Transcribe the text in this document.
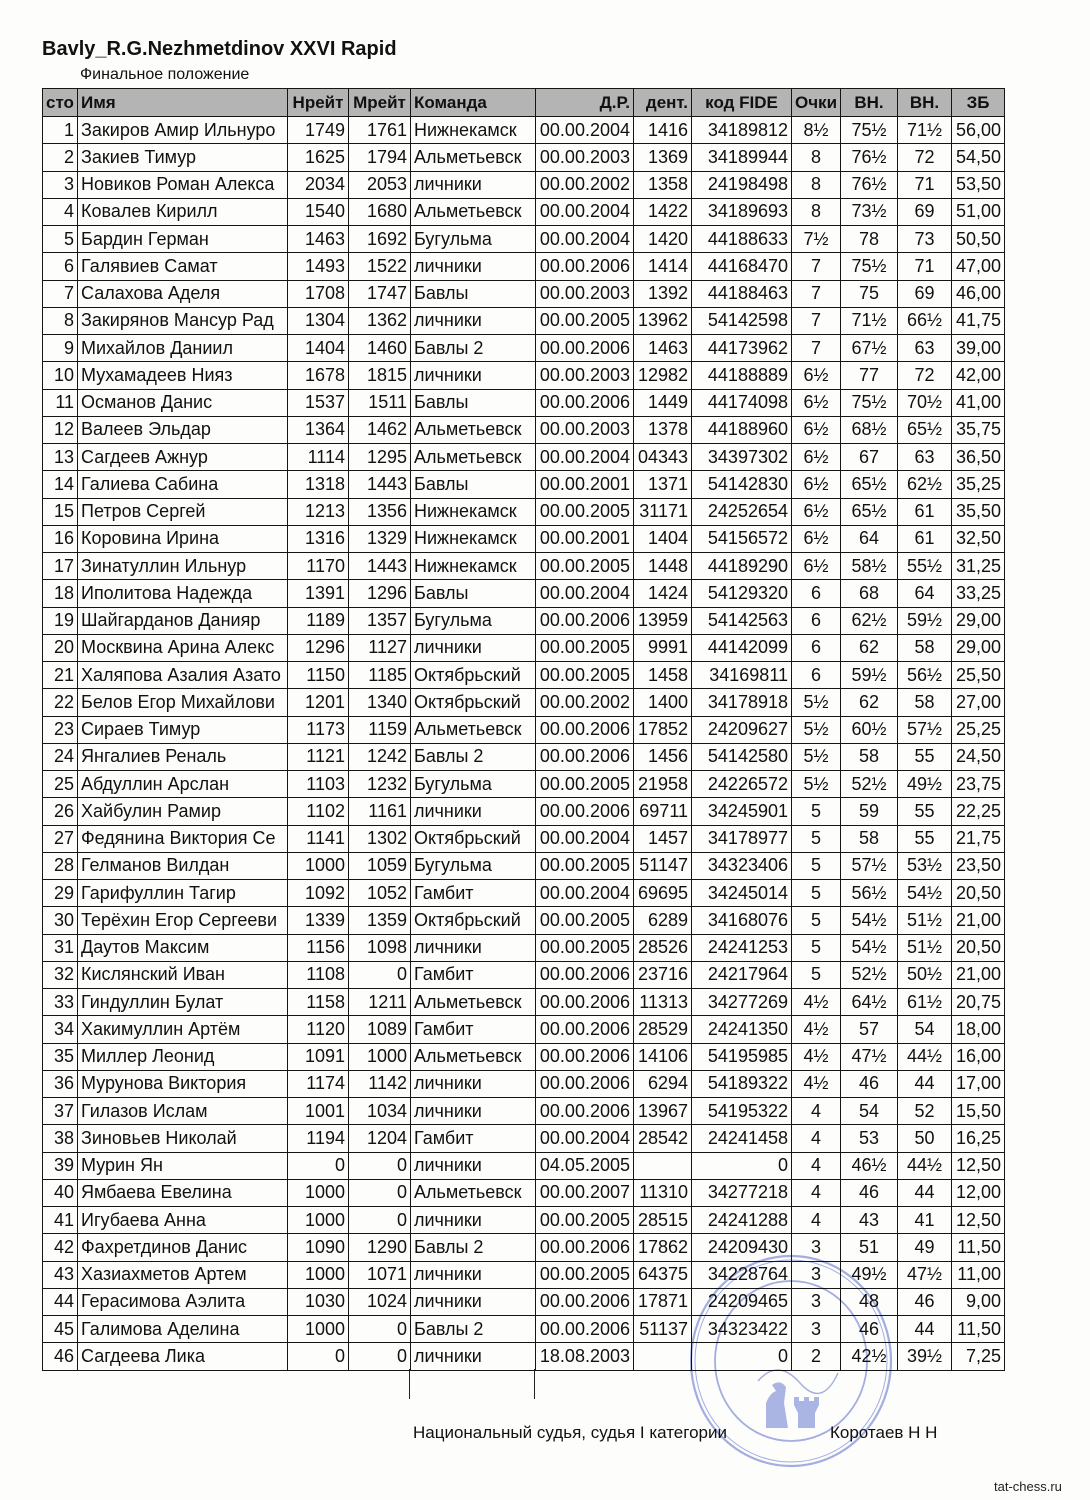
Bavly_R.G.Nezhmetdinov XXVI Rapid
Финальное положение
сто	Имя	Нрейт	Мрейт	Команда	Д.Р.	дент.	код FIDE	Очки	ВН.	ВН.	ЗБ

1	Закиров Амир Ильнуро	1749	1761	Нижнекамск	00.00.2004	1416	34189812	8½	75½	71½	56,00

2	Закиев Тимур	1625	1794	Альметьевск	00.00.2003	1369	34189944	8	76½	72	54,50

3	Новиков Роман Алекса	2034	2053	личники	00.00.2002	1358	24198498	8	76½	71	53,50

4	Ковалев Кирилл	1540	1680	Альметьевск	00.00.2004	1422	34189693	8	73½	69	51,00

5	Бардин Герман	1463	1692	Бугульма	00.00.2004	1420	44188633	7½	78	73	50,50

6	Галявиев Самат	1493	1522	личники	00.00.2006	1414	44168470	7	75½	71	47,00

7	Салахова Аделя	1708	1747	Бавлы	00.00.2003	1392	44188463	7	75	69	46,00

8	Закирянов Мансур Рад	1304	1362	личники	00.00.2005	13962	54142598	7	71½	66½	41,75

9	Михайлов Даниил	1404	1460	Бавлы 2	00.00.2006	1463	44173962	7	67½	63	39,00

10	Мухамадеев Нияз	1678	1815	личники	00.00.2003	12982	44188889	6½	77	72	42,00

11	Османов Данис	1537	1511	Бавлы	00.00.2006	1449	44174098	6½	75½	70½	41,00

12	Валеев Эльдар	1364	1462	Альметьевск	00.00.2003	1378	44188960	6½	68½	65½	35,75

13	Сагдеев Ажнур	1114	1295	Альметьевск	00.00.2004	04343	34397302	6½	67	63	36,50

14	Галиева Сабина	1318	1443	Бавлы	00.00.2001	1371	54142830	6½	65½	62½	35,25

15	Петров Сергей	1213	1356	Нижнекамск	00.00.2005	31171	24252654	6½	65½	61	35,50

16	Коровина Ирина	1316	1329	Нижнекамск	00.00.2001	1404	54156572	6½	64	61	32,50

17	Зинатуллин Ильнур	1170	1443	Нижнекамск	00.00.2005	1448	44189290	6½	58½	55½	31,25

18	Иполитова Надежда	1391	1296	Бавлы	00.00.2004	1424	54129320	6	68	64	33,25

19	Шайгарданов Данияр	1189	1357	Бугульма	00.00.2006	13959	54142563	6	62½	59½	29,00

20	Москвина Арина Алекс	1296	1127	личники	00.00.2005	9991	44142099	6	62	58	29,00

21	Халяпова Азалия Азато	1150	1185	Октябрьский	00.00.2005	1458	34169811	6	59½	56½	25,50

22	Белов Егор Михайлови	1201	1340	Октябрьский	00.00.2002	1400	34178918	5½	62	58	27,00

23	Сираев Тимур	1173	1159	Альметьевск	00.00.2006	17852	24209627	5½	60½	57½	25,25

24	Янгалиев Реналь	1121	1242	Бавлы 2	00.00.2006	1456	54142580	5½	58	55	24,50

25	Абдуллин Арслан	1103	1232	Бугульма	00.00.2005	21958	24226572	5½	52½	49½	23,75

26	Хайбулин Рамир	1102	1161	личники	00.00.2006	69711	34245901	5	59	55	22,25

27	Федянина Виктория Се	1141	1302	Октябрьский	00.00.2004	1457	34178977	5	58	55	21,75

28	Гелманов Вилдан	1000	1059	Бугульма	00.00.2005	51147	34323406	5	57½	53½	23,50

29	Гарифуллин Тагир	1092	1052	Гамбит	00.00.2004	69695	34245014	5	56½	54½	20,50

30	Терёхин Егор Сергееви	1339	1359	Октябрьский	00.00.2005	6289	34168076	5	54½	51½	21,00

31	Даутов Максим	1156	1098	личники	00.00.2005	28526	24241253	5	54½	51½	20,50

32	Кислянский Иван	1108	0	Гамбит	00.00.2006	23716	24217964	5	52½	50½	21,00

33	Гиндуллин Булат	1158	1211	Альметьевск	00.00.2006	11313	34277269	4½	64½	61½	20,75

34	Хакимуллин Артём	1120	1089	Гамбит	00.00.2006	28529	24241350	4½	57	54	18,00

35	Миллер Леонид	1091	1000	Альметьевск	00.00.2006	14106	54195985	4½	47½	44½	16,00

36	Мурунова Виктория	1174	1142	личники	00.00.2006	6294	54189322	4½	46	44	17,00

37	Гилазов Ислам	1001	1034	личники	00.00.2006	13967	54195322	4	54	52	15,50

38	Зиновьев Николай	1194	1204	Гамбит	00.00.2004	28542	24241458	4	53	50	16,25

39	Мурин Ян	0	0	личники	04.05.2005		0	4	46½	44½	12,50

40	Ямбаева Евелина	1000	0	Альметьевск	00.00.2007	11310	34277218	4	46	44	12,00

41	Игубаева Анна	1000	0	личники	00.00.2005	28515	24241288	4	43	41	12,50

42	Фахретдинов Данис	1090	1290	Бавлы 2	00.00.2006	17862	24209430	3	51	49	11,50

43	Хазиахметов Артем	1000	1071	личники	00.00.2005	64375	34228764	3	49½	47½	11,00

44	Герасимова Аэлита	1030	1024	личники	00.00.2006	17871	24209465	3	48	46	9,00

45	Галимова Аделина	1000	0	Бавлы 2	00.00.2006	51137	34323422	3	46	44	11,50

46	Сагдеева Лика	0	0	личники	18.08.2003		0	2	42½	39½	7,25
Национальный судья, судья I категории	Коротаев Н Н
tat-chess.ru
